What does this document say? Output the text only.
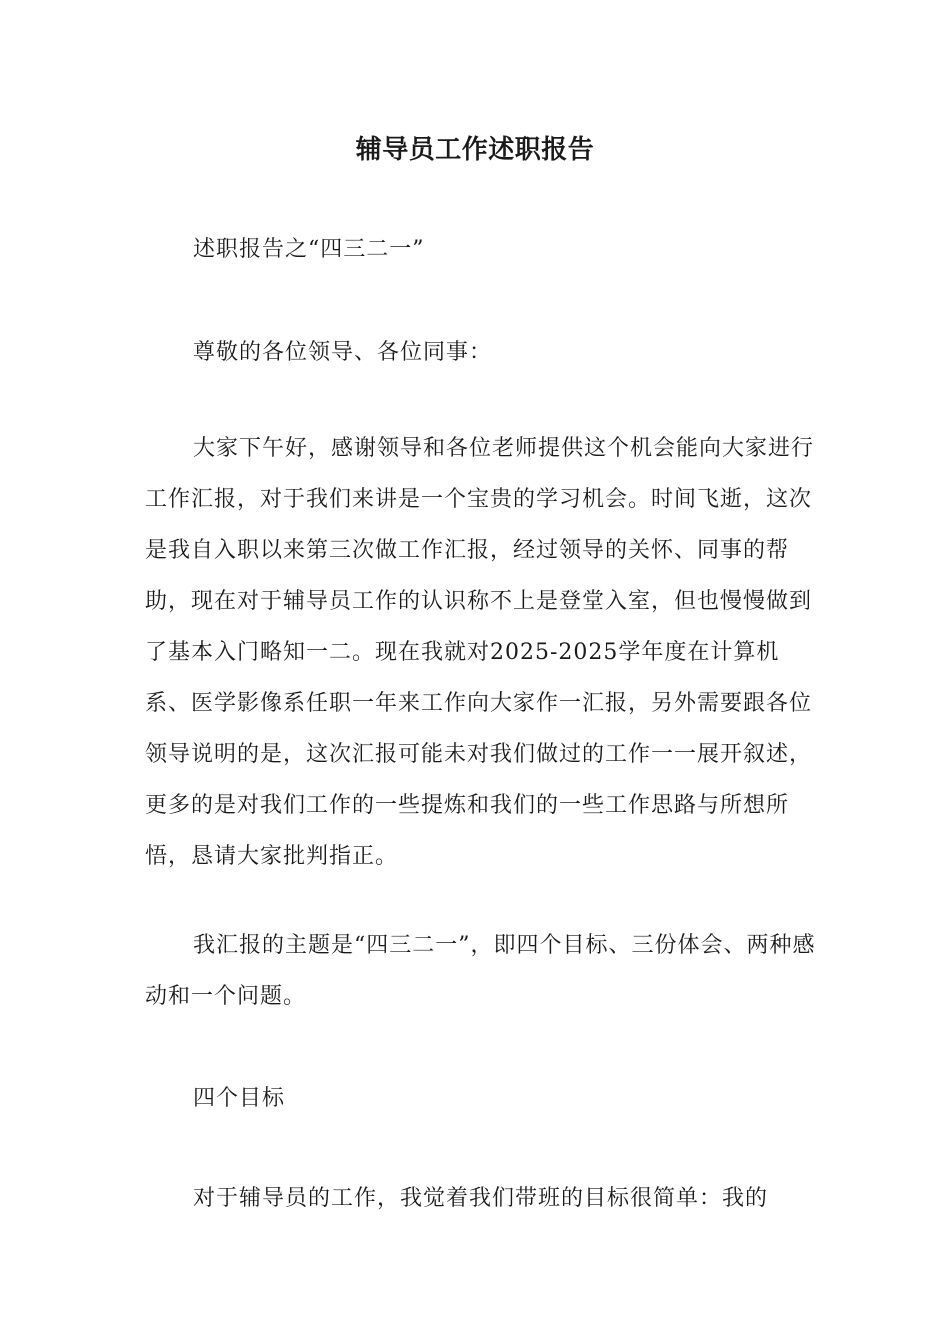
辅导员工作述职报告

述职报告之“四三二一”

尊敬的各位领导、各位同事：

大家下午好，感谢领导和各位老师提供这个机会能向大家进行工作汇报，对于我们来讲是一个宝贵的学习机会。时间飞逝，这次是我自入职以来第三次做工作汇报，经过领导的关怀、同事的帮助，现在对于辅导员工作的认识称不上是登堂入室，但也慢慢做到了基本入门略知一二。现在我就对2025-2025学年度在计算机系、医学影像系任职一年来工作向大家作一汇报，另外需要跟各位领导说明的是，这次汇报可能未对我们做过的工作一一展开叙述，更多的是对我们工作的一些提炼和我们的一些工作思路与所想所悟，恳请大家批判指正。

我汇报的主题是“四三二一”，即四个目标、三份体会、两种感动和一个问题。

四个目标

对于辅导员的工作，我觉着我们带班的目标很简单：我的
